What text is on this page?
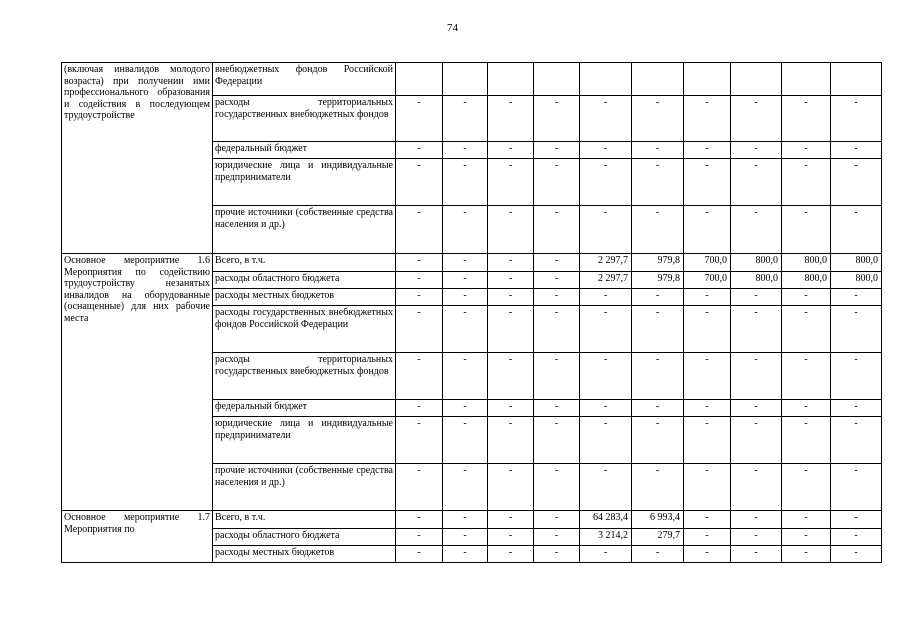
74
(включая инвалидов молодого возраста) при получении ими профессионального образования и содействия в последующем трудоустройстве	внебюджетных фондов Российской Федерации										
	расходы территориальных государственных внебюджетных фондов	-	-	-	-	-	-	-	-	-	-
	федеральный бюджет	-	-	-	-	-	-	-	-	-	-
	юридические лица и индивидуальные предприниматели	-	-	-	-	-	-	-	-	-	-
	прочие источники (собственные средства населения и др.)	-	-	-	-	-	-	-	-	-	-
Основное мероприятие 1.6 Мероприятия по содействию трудоустройству незанятых инвалидов на оборудованные (оснащенные) для них рабочие места	Всего, в т.ч.	-	-	-	-	2 297,7	979,8	700,0	800,0	800,0	800,0
	расходы областного бюджета	-	-	-	-	2 297,7	979,8	700,0	800,0	800,0	800,0
	расходы местных бюджетов	-	-	-	-	-	-	-	-	-	-
	расходы государственных внебюджетных фондов Российской Федерации	-	-	-	-	-	-	-	-	-	-
	расходы территориальных государственных внебюджетных фондов	-	-	-	-	-	-	-	-	-	-
	федеральный бюджет	-	-	-	-	-	-	-	-	-	-
	юридические лица и индивидуальные предприниматели	-	-	-	-	-	-	-	-	-	-
	прочие источники (собственные средства населения и др.)	-	-	-	-	-	-	-	-	-	-
Основное мероприятие 1.7 Мероприятия по	Всего, в т.ч.	-	-	-	-	64 283,4	6 993,4	-	-	-	-
	расходы областного бюджета	-	-	-	-	3 214,2	279,7	-	-	-	-
	расходы местных бюджетов	-	-	-	-	-	-	-	-	-	-
